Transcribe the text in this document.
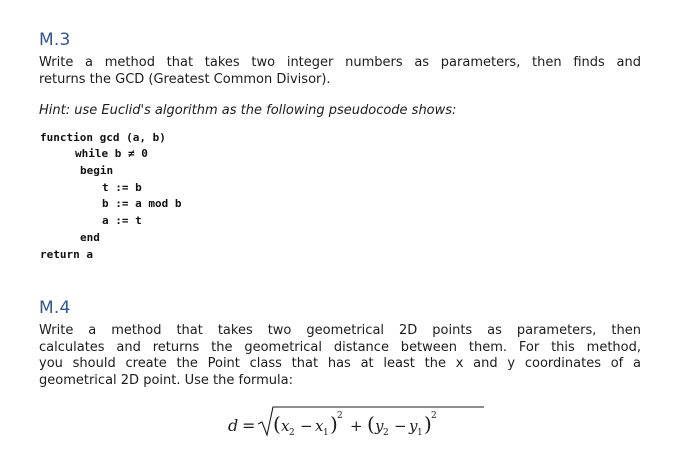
M.3
Write a method that takes two integer numbers as parameters, then finds and
returns the GCD (Greatest Common Divisor).
Hint: use Euclid's algorithm as the following pseudocode shows:
function gcd (a, b)
while b ≠ 0
begin
t := b
b := a mod b
a := t
end
return a
M.4
Write a method that takes two geometrical 2D points as parameters, then
calculates and returns the geometrical distance between them. For this method,
you should create the Point class that has at least the x and y coordinates of a
geometrical 2D point. Use the formula:
d = ( x 2 − x 1 ) 2
+ ( y 2 − y 1 ) 2
